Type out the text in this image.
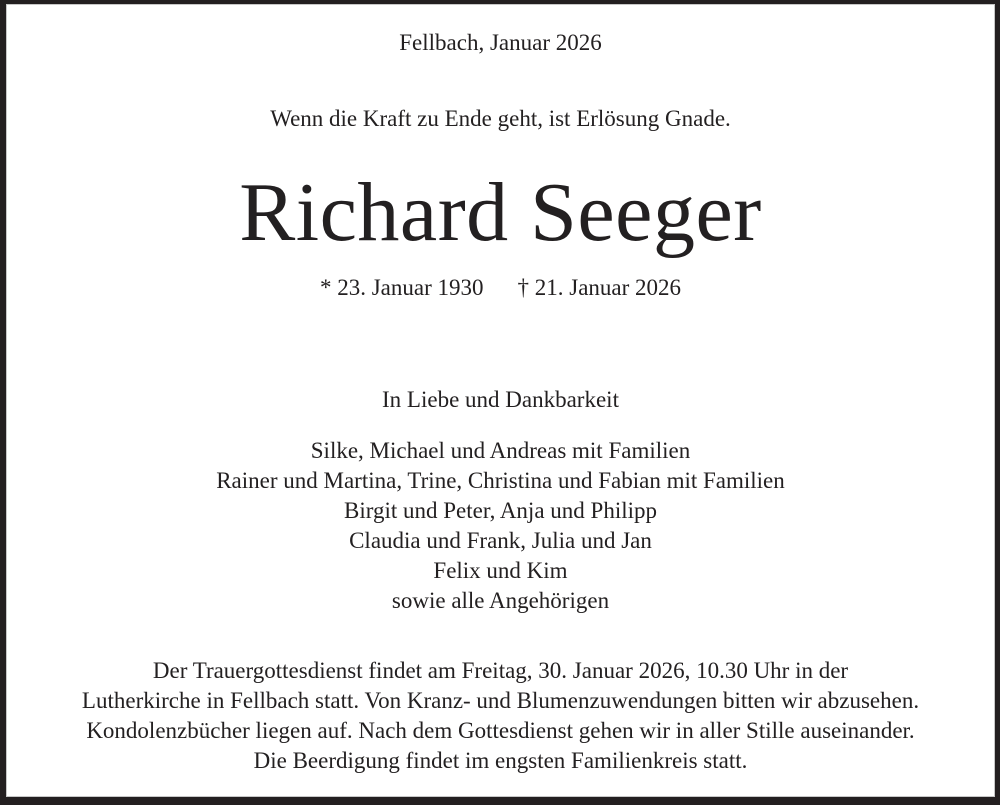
Fellbach, Januar 2026
Wenn die Kraft zu Ende geht, ist Erlösung Gnade.
Richard Seeger
* 23. Januar 1930 † 21. Januar 2026
In Liebe und Dankbarkeit
Silke, Michael und Andreas mit Familien
Rainer und Martina, Trine, Christina und Fabian mit Familien
Birgit und Peter, Anja und Philipp
Claudia und Frank, Julia und Jan
Felix und Kim
sowie alle Angehörigen
Der Trauergottesdienst findet am Freitag, 30. Januar 2026, 10.30 Uhr in der
Lutherkirche in Fellbach statt. Von Kranz- und Blumenzuwendungen bitten wir abzusehen.
Kondolenzbücher liegen auf. Nach dem Gottesdienst gehen wir in aller Stille auseinander.
Die Beerdigung findet im engsten Familienkreis statt.
